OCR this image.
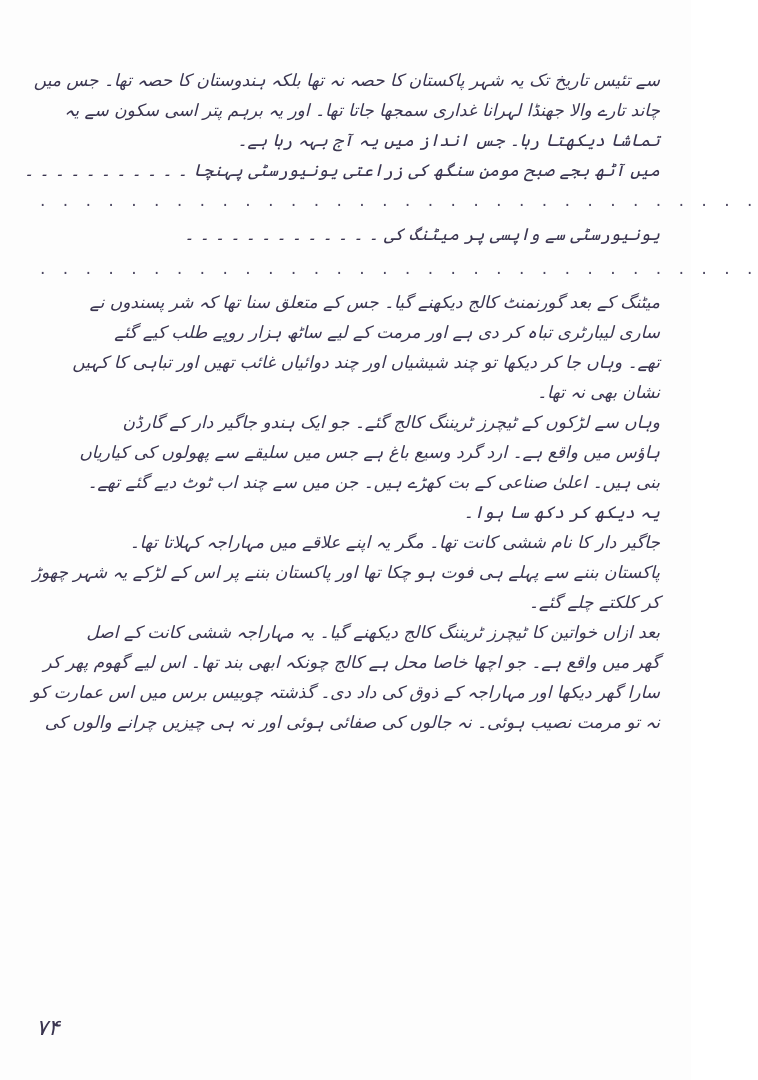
سے تئیس تاریخ تک یہ شہر پاکستان کا حصہ نہ تھا بلکہ ہندوستان کا حصہ تھا۔ جس میں
چاند تارے والا جھنڈا لہرانا غداری سمجھا جاتا تھا۔ اور یہ برہم پتر اسی سکون سے یہ
تماشا دیکھتا رہا۔ جس انداز میں یہ آج بہہ رہا ہے۔
میں آٹھ بجے صبح مومن سنگھ کی زراعتی یونیورسٹی پہنچا ۔ ۔ ۔ ۔ ۔ ۔ ۔ ۔ ۔ ۔ ۔
. . . . . . . . . . . . . . . . . . . . . . . . . . . . . . . .
یونیورسٹی سے واپسی پر میٹنگ کی ۔ ۔ ۔ ۔ ۔ ۔ ۔ ۔ ۔ ۔ ۔ ۔ ۔
. . . . . . . . . . . . . . . . . . . . . . . . . . . . . . . .
میٹنگ کے بعد گورنمنٹ کالج دیکھنے گیا۔ جس کے متعلق سنا تھا کہ شر پسندوں نے
ساری لیبارٹری تباہ کر دی ہے اور مرمت کے لیے ساٹھ ہزار روپے طلب کیے گئے
تھے۔ وہاں جا کر دیکھا تو چند شیشیاں اور چند دوائیاں غائب تھیں اور تباہی کا کہیں
نشان بھی نہ تھا۔
وہاں سے لڑکوں کے ٹیچرز ٹریننگ کالج گئے۔ جو ایک ہندو جاگیر دار کے گارڈن
ہاؤس میں واقع ہے۔ ارد گرد وسیع باغ ہے جس میں سلیقے سے پھولوں کی کیاریاں
بنی ہیں۔ اعلیٰ صناعی کے بت کھڑے ہیں۔ جن میں سے چند اب ٹوٹ دیے گئے تھے۔
یہ دیکھ کر دکھ سا ہوا۔
جاگیر دار کا نام ششی کانت تھا۔ مگر یہ اپنے علاقے میں مہاراجہ کہلاتا تھا۔
پاکستان بننے سے پہلے ہی فوت ہو چکا تھا اور پاکستان بننے پر اس کے لڑکے یہ شہر چھوڑ
کر کلکتے چلے گئے۔
بعد ازاں خواتین کا ٹیچرز ٹریننگ کالج دیکھنے گیا۔ یہ مہاراجہ ششی کانت کے اصل
گھر میں واقع ہے۔ جو اچھا خاصا محل ہے کالج چونکہ ابھی بند تھا۔ اس لیے گھوم پھر کر
سارا گھر دیکھا اور مہاراجہ کے ذوق کی داد دی۔ گذشتہ چوبیس برس میں اس عمارت کو
نہ تو مرمت نصیب ہوئی۔ نہ جالوں کی صفائی ہوئی اور نہ ہی چیزیں چرانے والوں کی
۷۴
